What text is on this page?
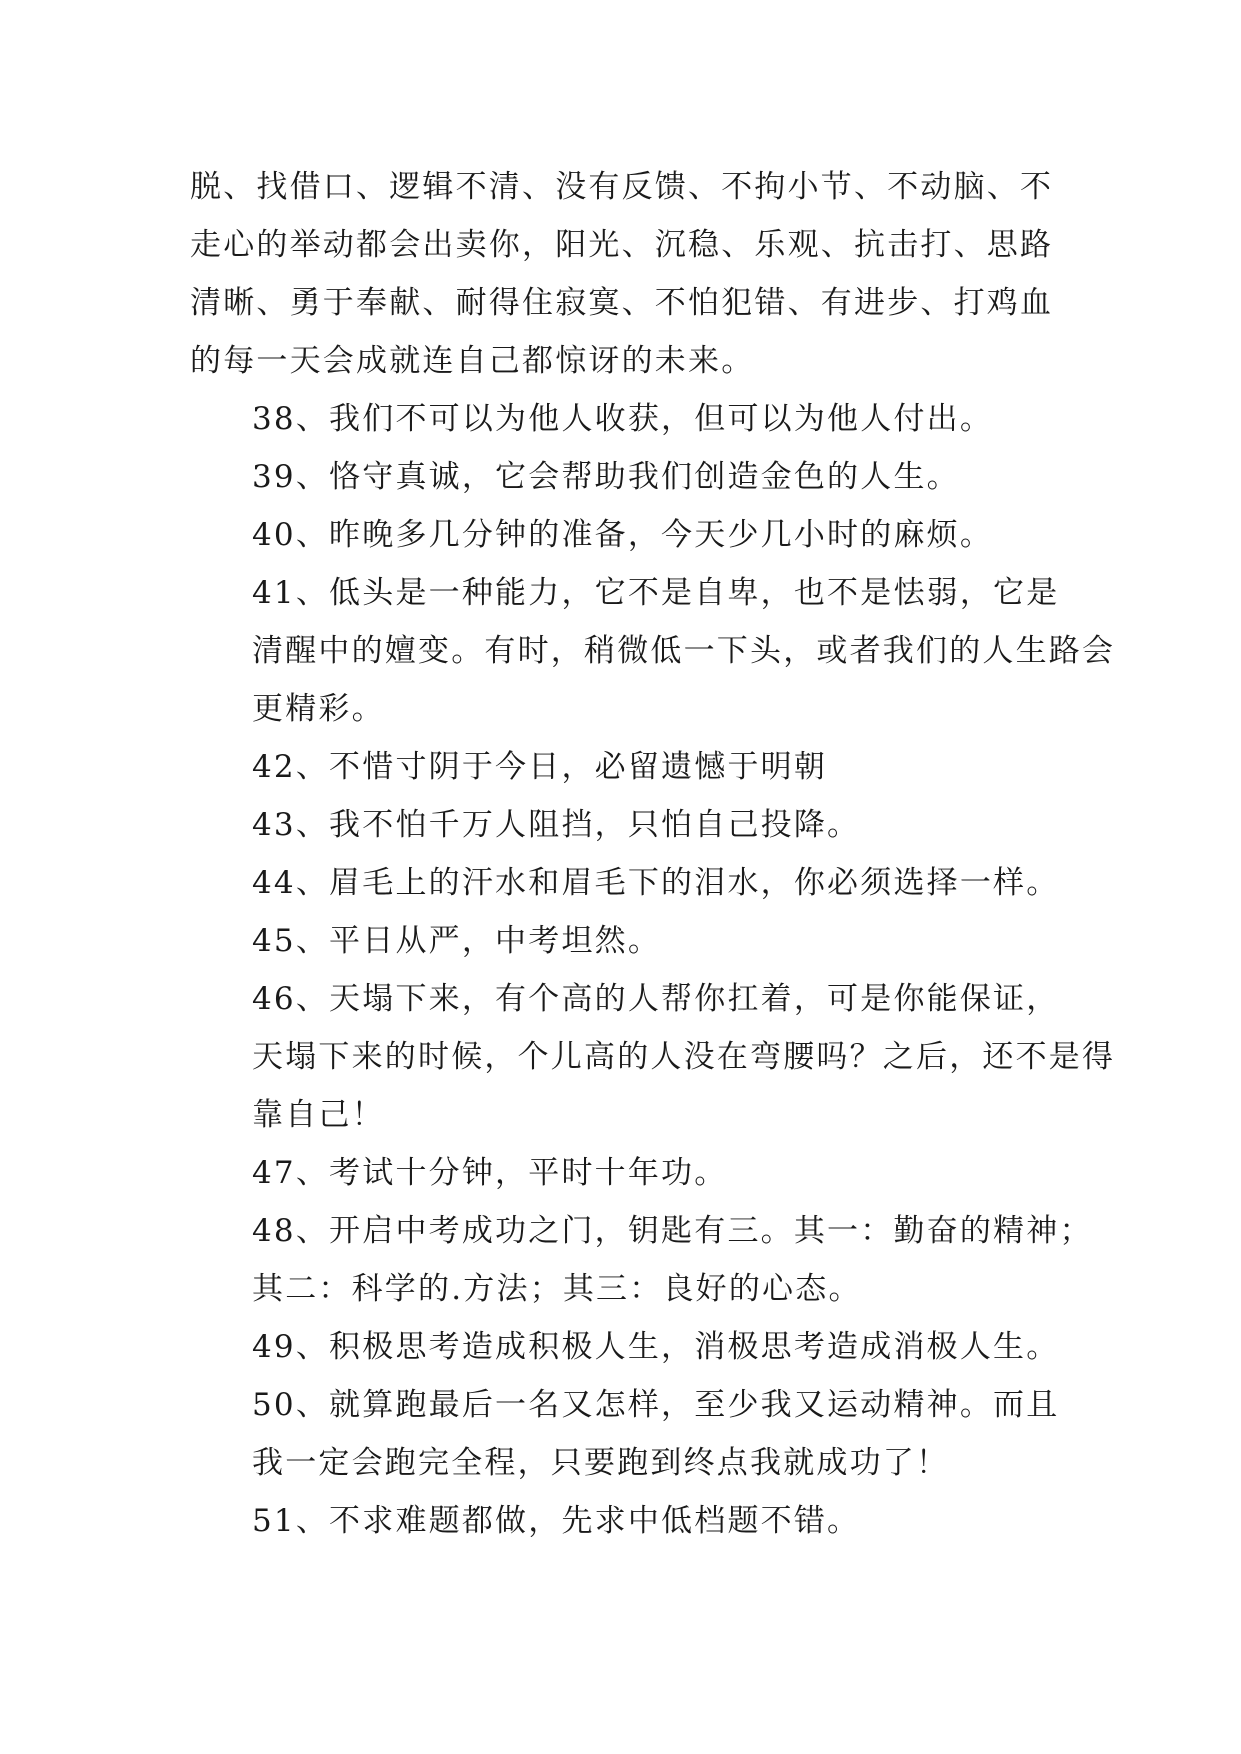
脱、找借口、逻辑不清、没有反馈、不拘小节、不动脑、不
走心的举动都会出卖你，阳光、沉稳、乐观、抗击打、思路
清晰、勇于奉献、耐得住寂寞、不怕犯错、有进步、打鸡血
的每一天会成就连自己都惊讶的未来。
38、我们不可以为他人收获，但可以为他人付出。
39、恪守真诚，它会帮助我们创造金色的人生。
40、昨晚多几分钟的准备，今天少几小时的麻烦。
41、低头是一种能力，它不是自卑，也不是怯弱，它是
清醒中的嬗变。有时，稍微低一下头，或者我们的人生路会
更精彩。
42、不惜寸阴于今日，必留遗憾于明朝
43、我不怕千万人阻挡，只怕自己投降。
44、眉毛上的汗水和眉毛下的泪水，你必须选择一样。
45、平日从严，中考坦然。
46、天塌下来，有个高的人帮你扛着，可是你能保证，
天塌下来的时候，个儿高的人没在弯腰吗？之后，还不是得
靠自己！
47、考试十分钟，平时十年功。
48、开启中考成功之门，钥匙有三。其一：勤奋的精神；
其二：科学的.方法；其三：良好的心态。
49、积极思考造成积极人生，消极思考造成消极人生。
50、就算跑最后一名又怎样，至少我又运动精神。而且
我一定会跑完全程，只要跑到终点我就成功了！
51、不求难题都做，先求中低档题不错。
